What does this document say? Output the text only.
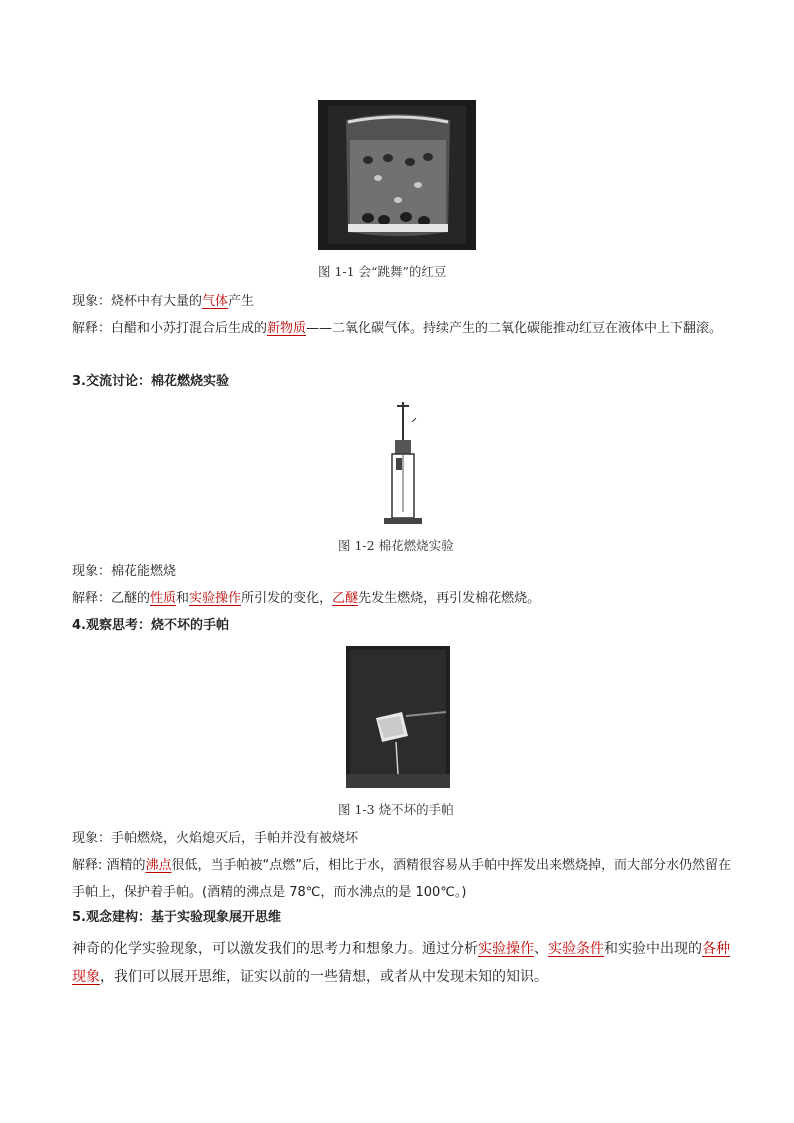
图 1-1 会“跳舞”的红豆
现象：烧杯中有大量的气体产生
解释：白醋和小苏打混合后生成的新物质——二氧化碳气体。持续产生的二氧化碳能推动红豆在液体中上下翻滚。
3.交流讨论：棉花燃烧实验
图 1-2 棉花燃烧实验
现象：棉花能燃烧
解释：乙醚的性质和实验操作所引发的变化，乙醚先发生燃烧，再引发棉花燃烧。
4.观察思考：烧不坏的手帕
图 1-3 烧不坏的手帕
现象：手帕燃烧，火焰熄灭后，手帕并没有被烧坏
解释: 酒精的沸点很低，当手帕被“点燃”后，相比于水，酒精很容易从手帕中挥发出来燃烧掉，而大部分水仍然留在手帕上，保护着手帕。(酒精的沸点是 78℃，而水沸点的是 100℃。)
5.观念建构：基于实验现象展开思维
神奇的化学实验现象，可以激发我们的思考力和想象力。通过分析实验操作、实验条件和实验中出现的各种现象，我们可以展开思维，证实以前的一些猜想，或者从中发现未知的知识。
